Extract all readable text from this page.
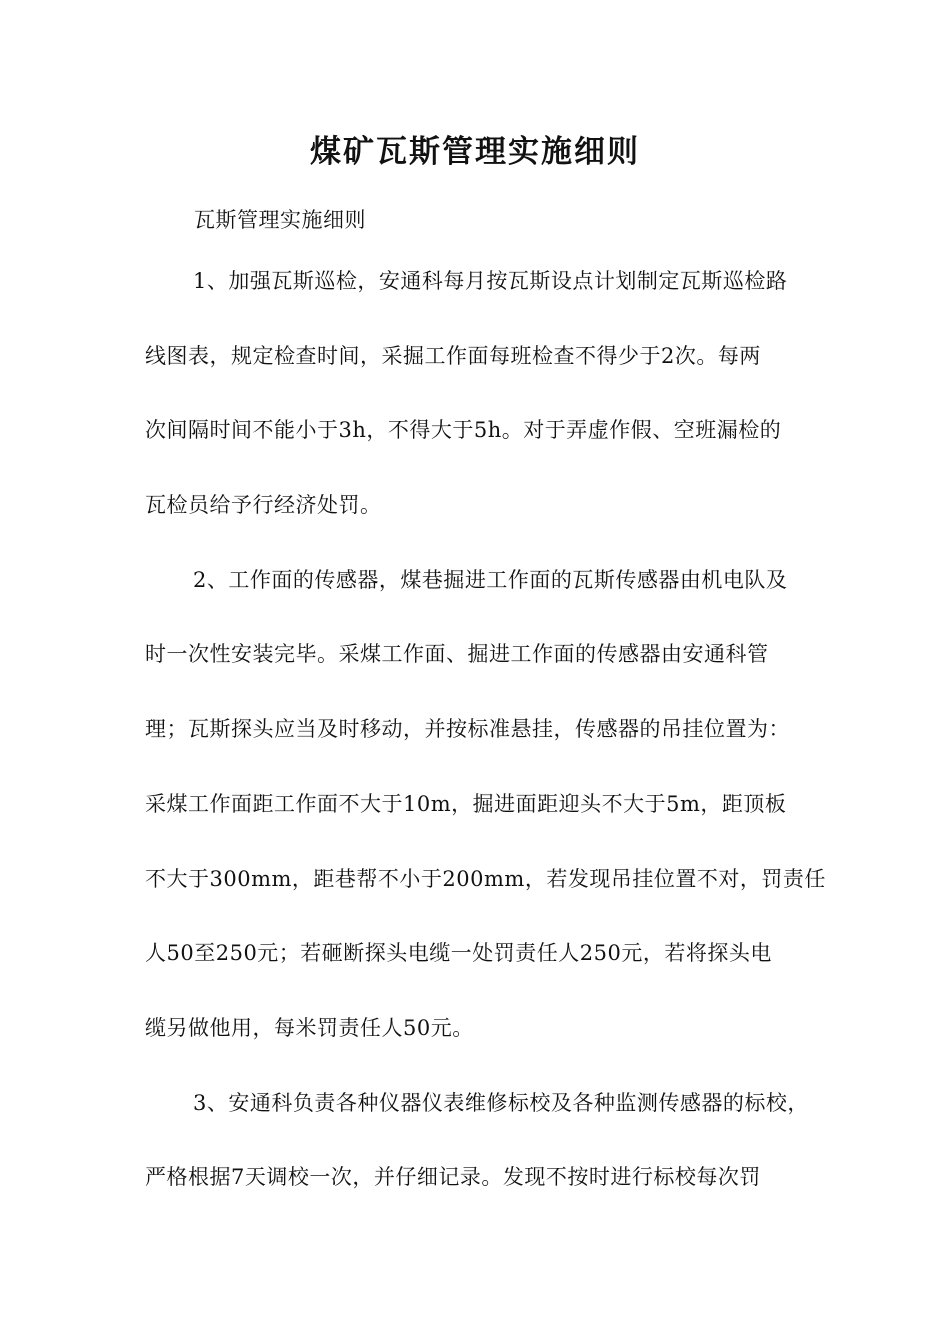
煤矿瓦斯管理实施细则
瓦斯管理实施细则
1、加强瓦斯巡检，安通科每月按瓦斯设点计划制定瓦斯巡检路
线图表，规定检查时间，采掘工作面每班检查不得少于2次。每两
次间隔时间不能小于3h，不得大于5h。对于弄虚作假、空班漏检的
瓦检员给予行经济处罚。
2、工作面的传感器，煤巷掘进工作面的瓦斯传感器由机电队及
时一次性安装完毕。采煤工作面、掘进工作面的传感器由安通科管
理；瓦斯探头应当及时移动，并按标准悬挂，传感器的吊挂位置为：
采煤工作面距工作面不大于10m，掘进面距迎头不大于5m，距顶板
不大于300mm，距巷帮不小于200mm，若发现吊挂位置不对，罚责任
人50至250元；若砸断探头电缆一处罚责任人250元，若将探头电
缆另做他用，每米罚责任人50元。
3、安通科负责各种仪器仪表维修标校及各种监测传感器的标校，
严格根据7天调校一次，并仔细记录。发现不按时进行标校每次罚
